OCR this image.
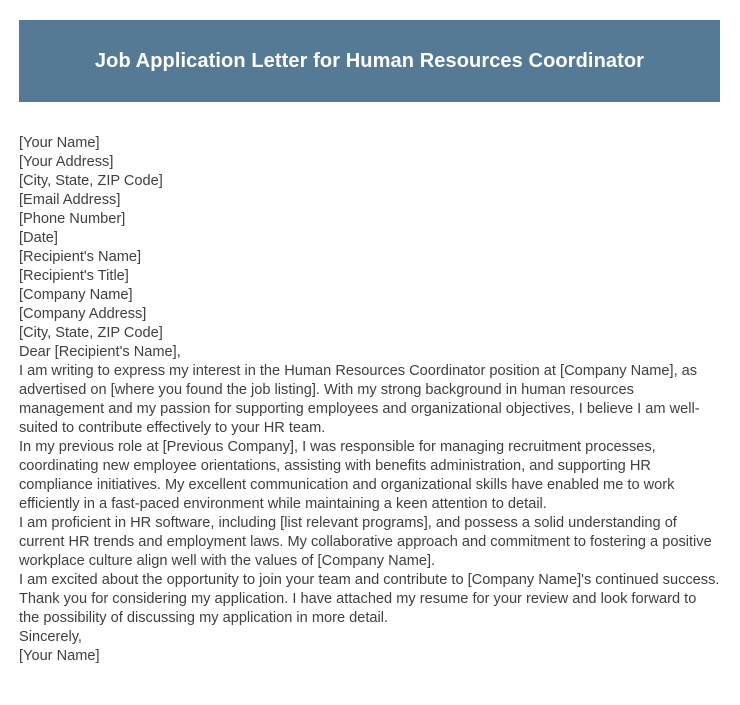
Job Application Letter for Human Resources Coordinator
[Your Name]
[Your Address]
[City, State, ZIP Code]
[Email Address]
[Phone Number]
[Date]
[Recipient's Name]
[Recipient's Title]
[Company Name]
[Company Address]
[City, State, ZIP Code]
Dear [Recipient's Name],

I am writing to express my interest in the Human Resources Coordinator position at [Company Name], as advertised on [where you found the job listing]. With my strong background in human resources management and my passion for supporting employees and organizational objectives, I believe I am well-suited to contribute effectively to your HR team.

In my previous role at [Previous Company], I was responsible for managing recruitment processes, coordinating new employee orientations, assisting with benefits administration, and supporting HR compliance initiatives. My excellent communication and organizational skills have enabled me to work efficiently in a fast-paced environment while maintaining a keen attention to detail.

I am proficient in HR software, including [list relevant programs], and possess a solid understanding of current HR trends and employment laws. My collaborative approach and commitment to fostering a positive workplace culture align well with the values of [Company Name].

I am excited about the opportunity to join your team and contribute to [Company Name]'s continued success. Thank you for considering my application. I have attached my resume for your review and look forward to the possibility of discussing my application in more detail.

Sincerely,
[Your Name]
